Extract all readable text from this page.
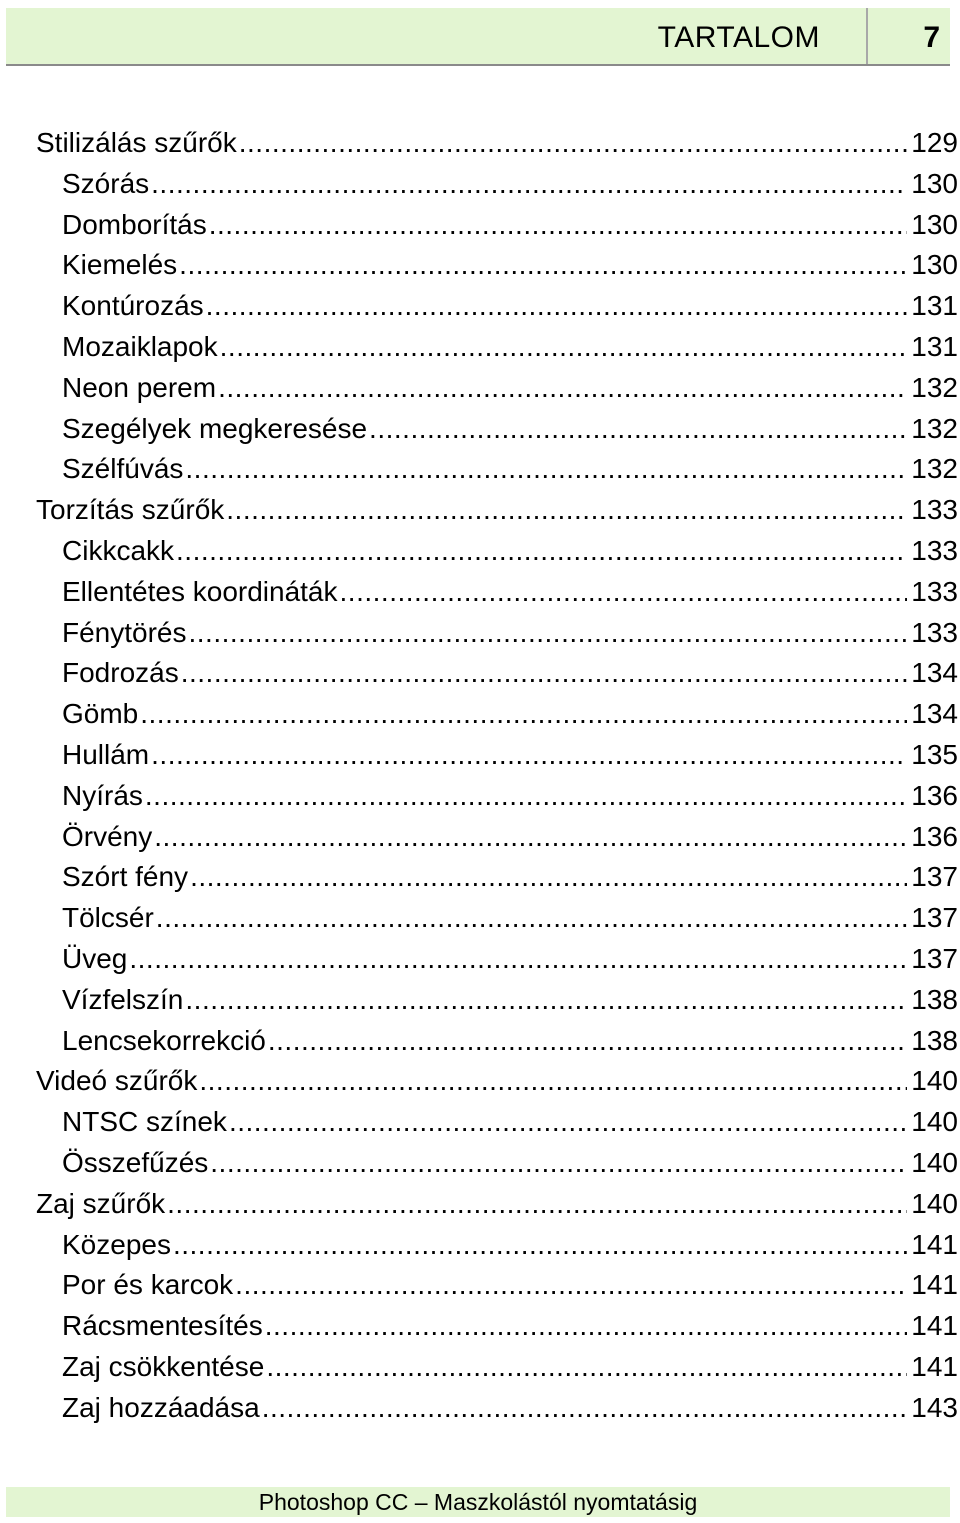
TARTALOM	7
Stilizálás szűrők .....	129
Szórás .....	130
Domborítás .....	130
Kiemelés .....	130
Kontúrozás .....	131
Mozaiklapok .....	131
Neon perem .....	132
Szegélyek megkeresése .....	132
Szélfúvás .....	132
Torzítás szűrők .....	133
Cikkcakk .....	133
Ellentétes koordináták .....	133
Fénytörés .....	133
Fodrozás .....	134
Gömb .....	134
Hullám .....	135
Nyírás .....	136
Örvény .....	136
Szórt fény .....	137
Tölcsér .....	137
Üveg .....	137
Vízfelszín .....	138
Lencsekorrekció .....	138
Videó szűrők .....	140
NTSC színek .....	140
Összefűzés .....	140
Zaj szűrők .....	140
Közepes .....	141
Por és karcok .....	141
Rácsmentesítés .....	141
Zaj csökkentése .....	141
Zaj hozzáadása .....	143
Photoshop CC – Maszkolástól nyomtatásig
